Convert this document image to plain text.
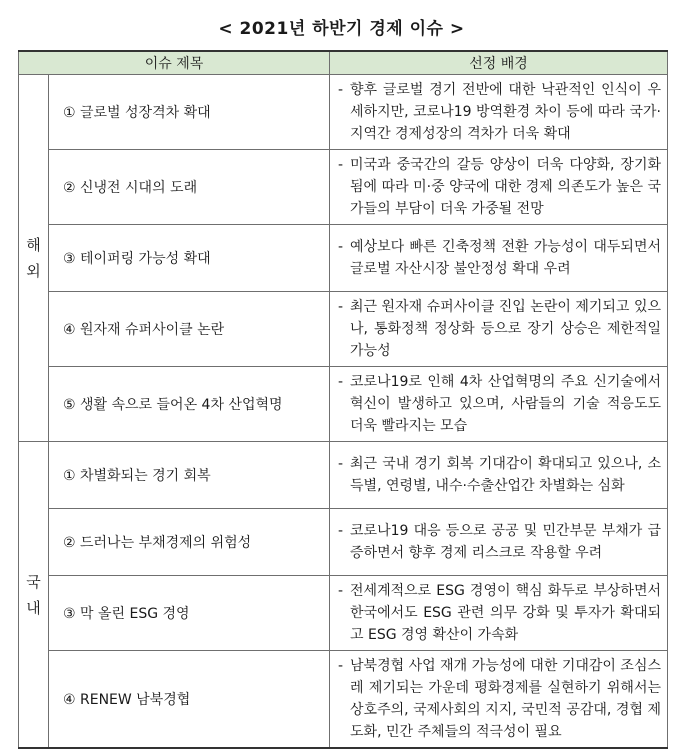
< 2021년 하반기 경제 이슈 >
이슈 제목		선정 배경
해
외	① 글로벌 성장격차 확대	- 향후 글로벌 경기 전반에 대한 낙관적인 인식이 우세하지만, 코로나19 방역환경 차이 등에 따라 국가·지역간 경제성장의 격차가 더욱 확대

	② 신냉전 시대의 도래	- 미국과 중국간의 갈등 양상이 더욱 다양화, 장기화됨에 따라 미·중 양국에 대한 경제 의존도가 높은 국가들의 부담이 더욱 가중될 전망

	③ 테이퍼링 가능성 확대	- 예상보다 빠른 긴축정책 전환 가능성이 대두되면서 글로벌 자산시장 불안정성 확대 우려

	④ 원자재 슈퍼사이클 논란	- 최근 원자재 슈퍼사이클 진입 논란이 제기되고 있으나, 통화정책 정상화 등으로 장기 상승은 제한적일 가능성

	⑤ 생활 속으로 들어온 4차 산업혁명	- 코로나19로 인해 4차 산업혁명의 주요 신기술에서 혁신이 발생하고 있으며, 사람들의 기술 적응도도 더욱 빨라지는 모습

국
내	① 차별화되는 경기 회복	- 최근 국내 경기 회복 기대감이 확대되고 있으나, 소득별, 연령별, 내수·수출산업간 차별화는 심화

	② 드러나는 부채경제의 위험성	- 코로나19 대응 등으로 공공 및 민간부문 부채가 급증하면서 향후 경제 리스크로 작용할 우려

	③ 막 올린 ESG 경영	- 전세계적으로 ESG 경영이 핵심 화두로 부상하면서 한국에서도 ESG 관련 의무 강화 및 투자가 확대되고 ESG 경영 확산이 가속화

	④ RENEW 남북경협	- 남북경협 사업 재개 가능성에 대한 기대감이 조심스레 제기되는 가운데 평화경제를 실현하기 위해서는 상호주의, 국제사회의 지지, 국민적 공감대, 경협 제도화, 민간 주체들의 적극성이 필요
